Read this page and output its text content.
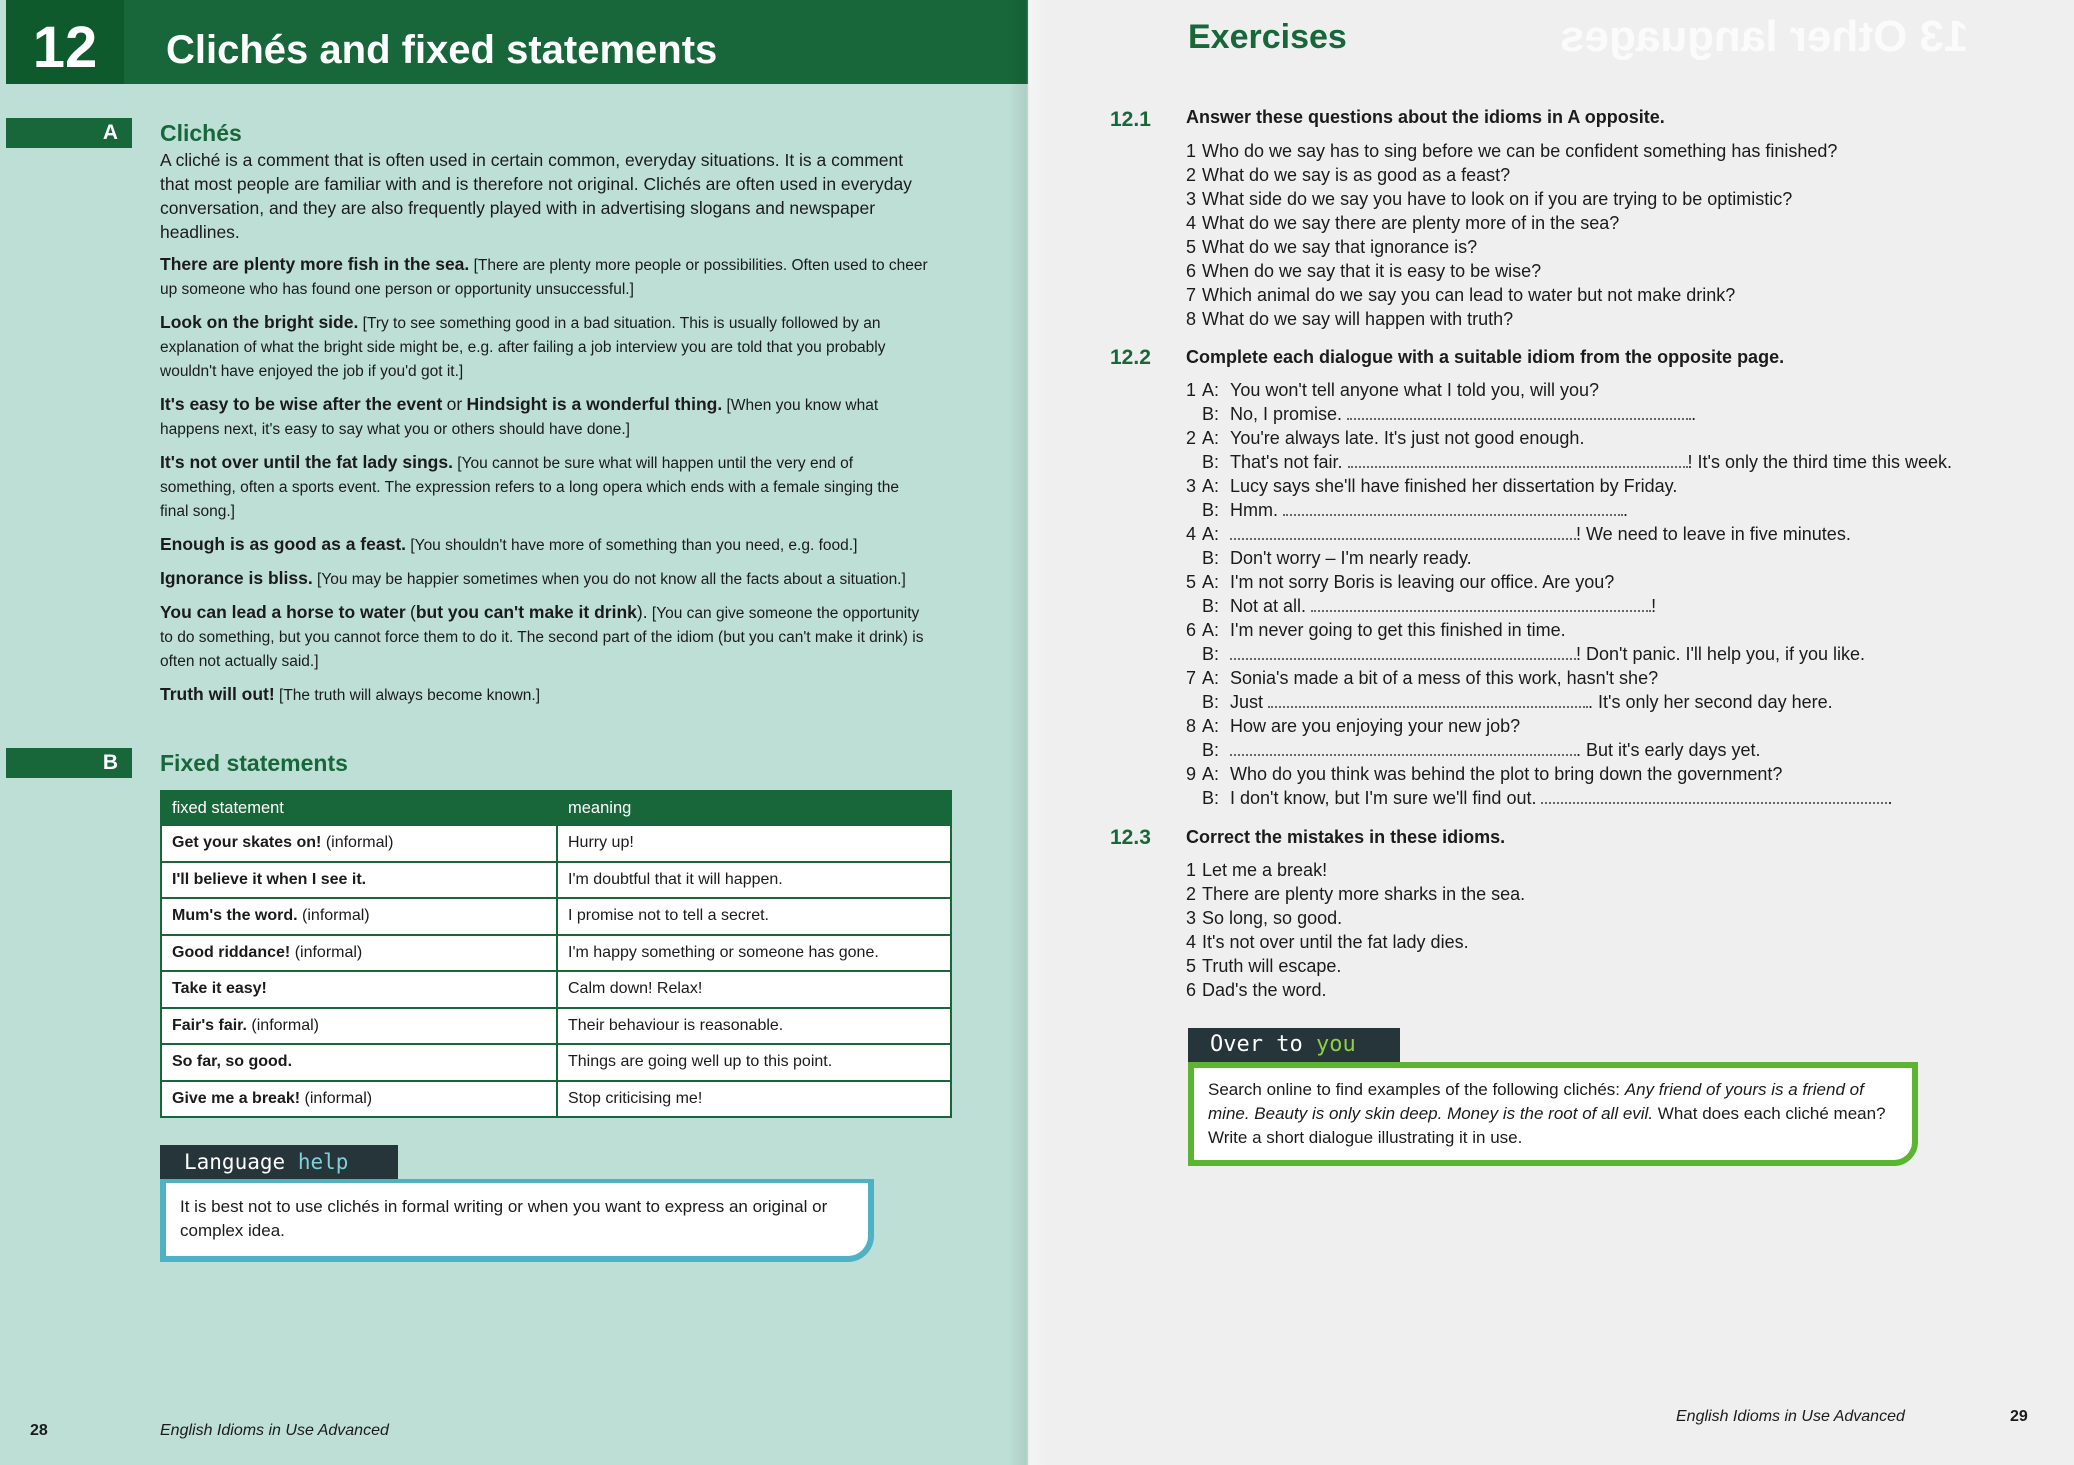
12	Clichés and fixed statements
A	Clichés
A cliché is a comment that is often used in certain common, everyday situations. It is a comment that most people are familiar with and is therefore not original. Clichés are often used in everyday conversation, and they are also frequently played with in advertising slogans and newspaper headlines.

There are plenty more fish in the sea. [There are plenty more people or possibilities. Often used to cheer up someone who has found one person or opportunity unsuccessful.]

Look on the bright side. [Try to see something good in a bad situation. This is usually followed by an explanation of what the bright side might be, e.g. after failing a job interview you are told that you probably wouldn't have enjoyed the job if you'd got it.]

It's easy to be wise after the event or Hindsight is a wonderful thing. [When you know what happens next, it's easy to say what you or others should have done.]

It's not over until the fat lady sings. [You cannot be sure what will happen until the very end of something, often a sports event. The expression refers to a long opera which ends with a female singing the final song.]

Enough is as good as a feast. [You shouldn't have more of something than you need, e.g. food.]

Ignorance is bliss. [You may be happier sometimes when you do not know all the facts about a situation.]

You can lead a horse to water (but you can't make it drink). [You can give someone the opportunity to do something, but you cannot force them to do it. The second part of the idiom (but you can't make it drink) is often not actually said.]

Truth will out! [The truth will always become known.]

B	Fixed statements
fixed statement	meaning
Get your skates on! (informal)	Hurry up!
I'll believe it when I see it.	I'm doubtful that it will happen.
Mum's the word. (informal)	I promise not to tell a secret.
Good riddance! (informal)	I'm happy something or someone has gone.
Take it easy!	Calm down! Relax!
Fair's fair. (informal)	Their behaviour is reasonable.
So far, so good.	Things are going well up to this point.
Give me a break! (informal)	Stop criticising me!
Language help
It is best not to use clichés in formal writing or when you want to express an original or complex idea.
28	English Idioms in Use Advanced
13 Other languages
Exercises
12.1 Answer these questions about the idioms in A opposite.
1 Who do we say has to sing before we can be confident something has finished?
2 What do we say is as good as a feast?
3 What side do we say you have to look on if you are trying to be optimistic?
4 What do we say there are plenty more of in the sea?
5 What do we say that ignorance is?
6 When do we say that it is easy to be wise?
7 Which animal do we say you can lead to water but not make drink?
8 What do we say will happen with truth?
12.2 Complete each dialogue with a suitable idiom from the opposite page.
1 A: You won't tell anyone what I told you, will you?
B: No, I promise.	.
2 A: You're always late. It's just not good enough.
B: That's not fair.	! It's only the third time this week.
3 A: Lucy says she'll have finished her dissertation by Friday.
B: Hmm.	.
4 A:	! We need to leave in five minutes.
B: Don't worry – I'm nearly ready.
5 A: I'm not sorry Boris is leaving our office. Are you?
B: Not at all.	!
6 A: I'm never going to get this finished in time.
B:	! Don't panic. I'll help you, if you like.
7 A: Sonia's made a bit of a mess of this work, hasn't she?
B: Just	. It's only her second day here.
8 A: How are you enjoying your new job?
B:	. But it's early days yet.
9 A: Who do you think was behind the plot to bring down the government?
B: I don't know, but I'm sure we'll find out.	.
12.3 Correct the mistakes in these idioms.
1 Let me a break!
2 There are plenty more sharks in the sea.
3 So long, so good.
4 It's not over until the fat lady dies.
5 Truth will escape.
6 Dad's the word.
Over to you
Search online to find examples of the following clichés: Any friend of yours is a friend of mine. Beauty is only skin deep. Money is the root of all evil. What does each cliché mean? Write a short dialogue illustrating it in use.
English Idioms in Use Advanced	29
